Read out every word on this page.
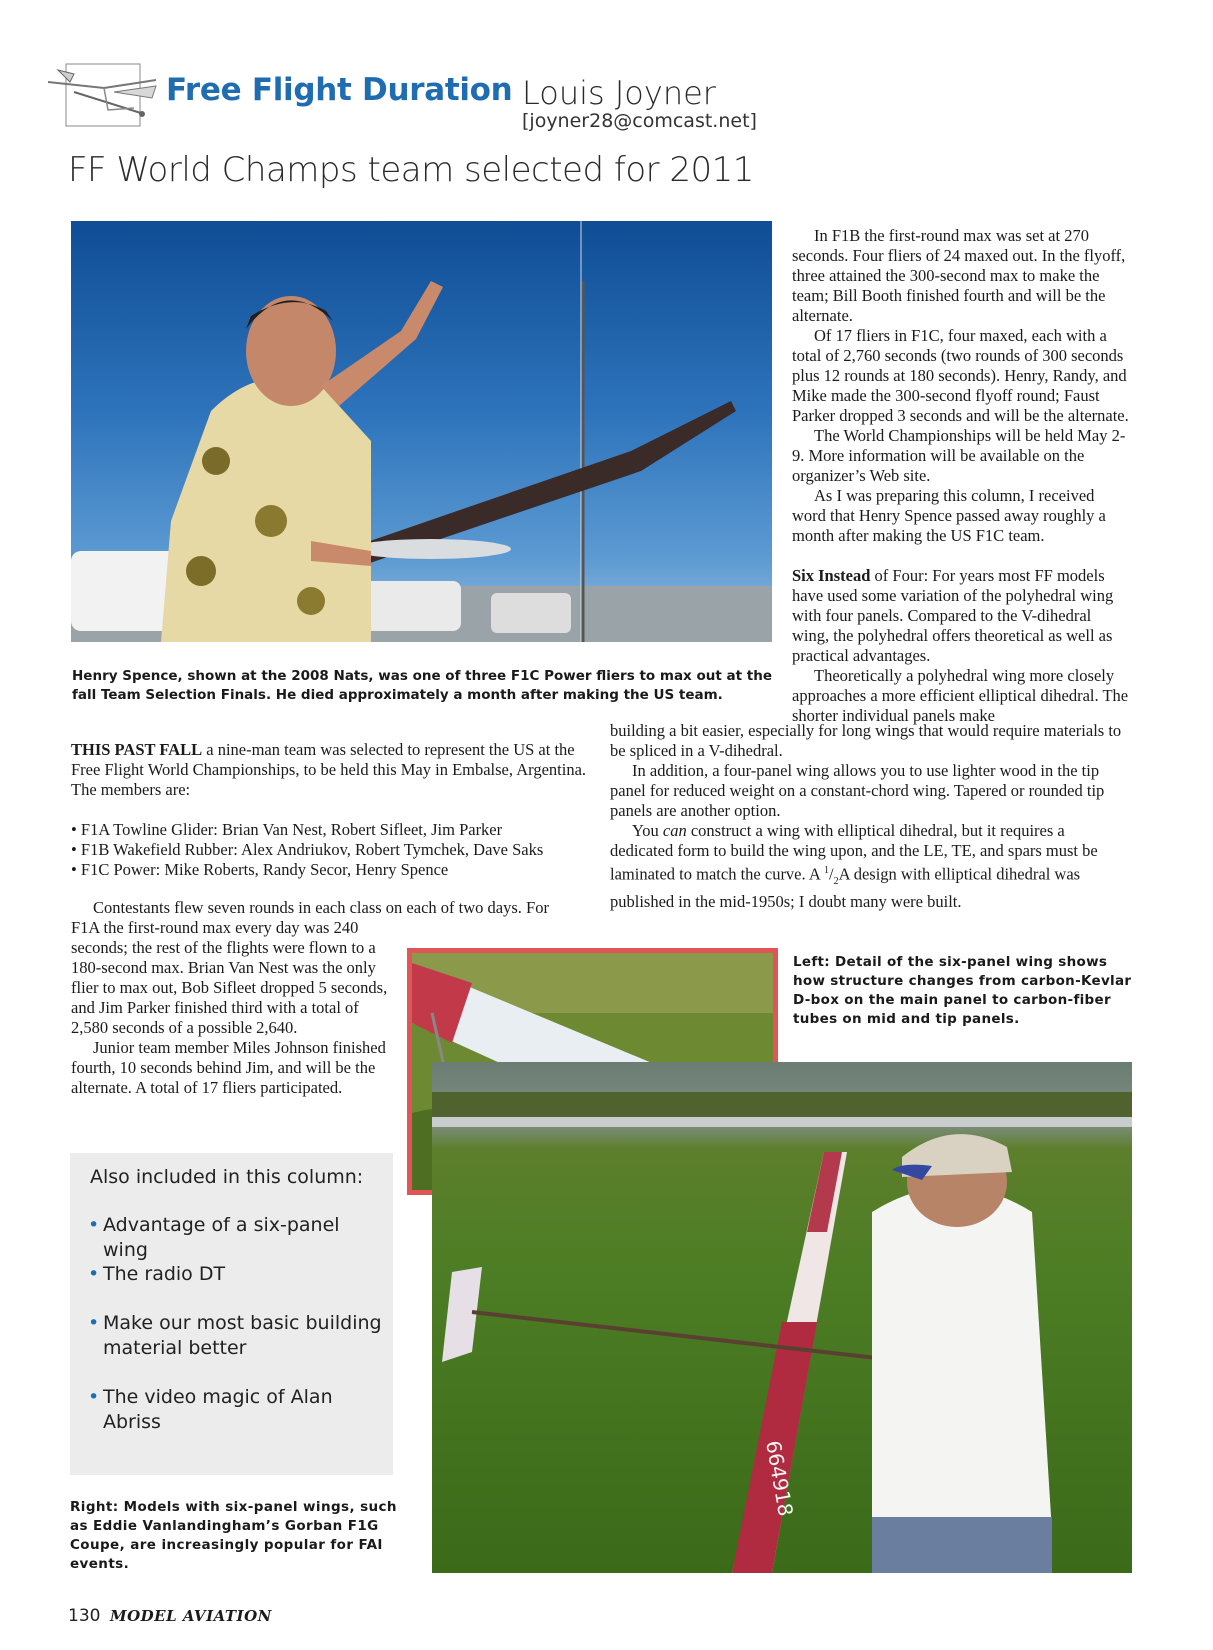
Free Flight Duration Louis Joyner
[joyner28@comcast.net]
FF World Champs team selected for 2011
Henry Spence, shown at the 2008 Nats, was one of three F1C Power fliers to max out at the fall Team Selection Finals. He died approximately a month after making the US team.

In F1B the first-round max was set at 270 seconds. Four fliers of 24 maxed out. In the flyoff, three attained the 300-second max to make the team; Bill Booth finished fourth and will be the alternate.

Of 17 fliers in F1C, four maxed, each with a total of 2,760 seconds (two rounds of 300 seconds plus 12 rounds at 180 seconds). Henry, Randy, and Mike made the 300-second flyoff round; Faust Parker dropped 3 seconds and will be the alternate.

The World Championships will be held May 2-9. More information will be available on the organizer’s Web site.

As I was preparing this column, I received word that Henry Spence passed away roughly a month after making the US F1C team.

Six Instead of Four: For years most FF models have used some variation of the polyhedral wing with four panels. Compared to the V-dihedral wing, the polyhedral offers theoretical as well as practical advantages.

Theoretically a polyhedral wing more closely approaches a more efficient elliptical dihedral. The shorter individual panels make

building a bit easier, especially for long wings that would require materials to be spliced in a V-dihedral.

In addition, a four-panel wing allows you to use lighter wood in the tip panel for reduced weight on a constant-chord wing. Tapered or rounded tip panels are another option.

You can construct a wing with elliptical dihedral, but it requires a dedicated form to build the wing upon, and the LE, TE, and spars must be laminated to match the curve. A $^1/_2A$ design with elliptical dihedral was published in the mid-1950s; I doubt many were built.

THIS PAST FALL a nine-man team was selected to represent the US at the Free Flight World Championships, to be held this May in Embalse, Argentina. The members are:

• F1A Towline Glider: Brian Van Nest, Robert Sifleet, Jim Parker

• F1B Wakefield Rubber: Alex Andriukov, Robert Tymchek, Dave Saks

• F1C Power: Mike Roberts, Randy Secor, Henry Spence

Contestants flew seven rounds in each class on each of two days. For

F1A the first-round max every day was 240 seconds; the rest of the flights were flown to a 180-second max. Brian Van Nest was the only flier to max out, Bob Sifleet dropped 5 seconds, and Jim Parker finished third with a total of 2,580 seconds of a possible 2,640.

Junior team member Miles Johnson finished fourth, 10 seconds behind Jim, and will be the alternate. A total of 17 fliers participated.

Left: Detail of the six-panel wing shows how structure changes from carbon-Kevlar D-box on the main panel to carbon-fiber tubes on mid and tip panels.
664918
Also included in this column:
• Advantage of a six-panel wing
• The radio DT
• Make our most basic building material better
• The video magic of Alan Abriss
Right: Models with six-panel wings, such as Eddie Vanlandingham’s Gorban F1G Coupe, are increasingly popular for FAI events.
130 MODEL AVIATION
